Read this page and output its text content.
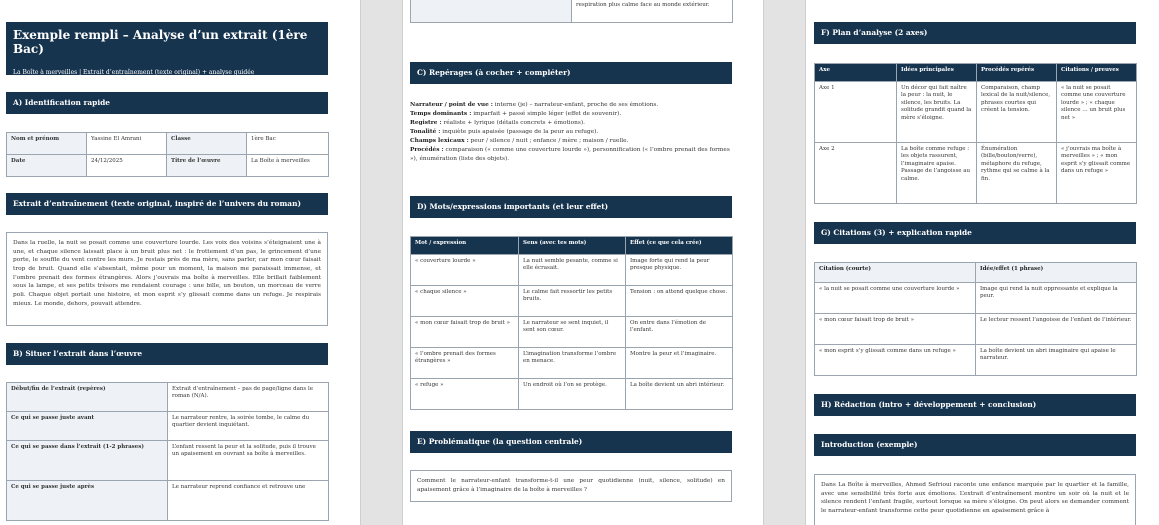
Exemple rempli – Analyse d’un extrait (1ère Bac)
La Boîte à merveilles | Extrait d’entraînement (texte original) + analyse guidée
A) Identification rapide
Nom et prénom	Yassine El Amrani	Classe	1ère Bac
Date	24/12/2025	Titre de l’œuvre	La Boîte à merveilles
Extrait d’entraînement (texte original, inspiré de l’univers du roman)
Dans la ruelle, la nuit se posait comme une couverture lourde. Les voix des voisins s’éteignaient une à une, et chaque silence laissait place à un bruit plus net : le frottement d’un pas, le grincement d’une porte, le souffle du vent contre les murs. Je restais près de ma mère, sans parler, car mon cœur faisait trop de bruit. Quand elle s’absentait, même pour un moment, la maison me paraissait immense, et l’ombre prenait des formes étrangères. Alors j’ouvrais ma boîte à merveilles. Elle brillait faiblement sous la lampe, et ses petits trésors me rendaient courage : une bille, un bouton, un morceau de verre poli. Chaque objet portait une histoire, et mon esprit s’y glissait comme dans un refuge. Je respirais mieux. Le monde, dehors, pouvait attendre.
B) Situer l’extrait dans l’œuvre
Début/fin de l’extrait (repères)	Extrait d’entraînement – pas de page/ligne dans le roman (N/A).
Ce qui se passe juste avant	Le narrateur rentre, la soirée tombe, le calme du quartier devient inquiétant.
Ce qui se passe dans l’extrait (1-2 phrases)	L’enfant ressent la peur et la solitude, puis il trouve un apaisement en ouvrant sa boîte à merveilles.
Ce qui se passe juste après	Le narrateur reprend confiance et retrouve une
	respiration plus calme face au monde extérieur.
C) Repérages (à cocher + compléter)
Narrateur / point de vue : interne (je) – narrateur-enfant, proche de ses émotions.
Temps dominants : imparfait + passé simple léger (effet de souvenir).
Registre : réaliste + lyrique (détails concrets + émotions).
Tonalité : inquiète puis apaisée (passage de la peur au refuge).
Champs lexicaux : peur / silence / nuit ; enfance / mère ; maison / ruelle.
Procédés : comparaison (« comme une couverture lourde »), personnification (« l’ombre prenait des formes »), énumération (liste des objets).
D) Mots/expressions importants (et leur effet)
Mot / expression	Sens (avec tes mots)	Effet (ce que cela crée)
« couverture lourde »	La nuit semble pesante, comme si elle écrasait.	Image forte qui rend la peur presque physique.
« chaque silence »	Le calme fait ressortir les petits bruits.	Tension : on attend quelque chose.
« mon cœur faisait trop de bruit »	Le narrateur se sent inquiet, il sent son cœur.	On entre dans l’émotion de l’enfant.
« l’ombre prenait des formes étrangères »	L’imagination transforme l’ombre en menace.	Montre la peur et l’imaginaire.
« refuge »	Un endroit où l’on se protège.	La boîte devient un abri intérieur.
E) Problématique (la question centrale)
Comment le narrateur-enfant transforme-t-il une peur quotidienne (nuit, silence, solitude) en apaisement grâce à l’imaginaire de la boîte à merveilles ?
F) Plan d’analyse (2 axes)
Axe	Idées principales	Procédés repérés	Citations / preuves
Axe 1	Un décor qui fait naître la peur : la nuit, le silence, les bruits. La solitude grandit quand la mère s’éloigne.	Comparaison, champ lexical de la nuit/silence, phrases courtes qui créent la tension.	« la nuit se posait comme une couverture lourde » ; « chaque silence … un bruit plus net »
Axe 2	La boîte comme refuge : les objets rassurent, l’imaginaire apaise. Passage de l’angoisse au calme.	Énumération (bille/bouton/verre), métaphore du refuge, rythme qui se calme à la fin.	« j’ouvrais ma boîte à merveilles » ; « mon esprit s’y glissait comme dans un refuge »
G) Citations (3) + explication rapide
Citation (courte)	Idée/effet (1 phrase)
« la nuit se posait comme une couverture lourde »	Image qui rend la nuit oppressante et explique la peur.
« mon cœur faisait trop de bruit »	Le lecteur ressent l’angoisse de l’enfant de l’intérieur.
« mon esprit s’y glissait comme dans un refuge »	La boîte devient un abri imaginaire qui apaise le narrateur.
H) Rédaction (intro + développement + conclusion)
Introduction (exemple)
Dans La Boîte à merveilles, Ahmed Sefrioui raconte une enfance marquée par le quartier et la famille, avec une sensibilité très forte aux émotions. L’extrait d’entraînement montre un soir où la nuit et le silence rendent l’enfant fragile, surtout lorsque sa mère s’éloigne. On peut alors se demander comment le narrateur-enfant transforme cette peur quotidienne en apaisement grâce à
